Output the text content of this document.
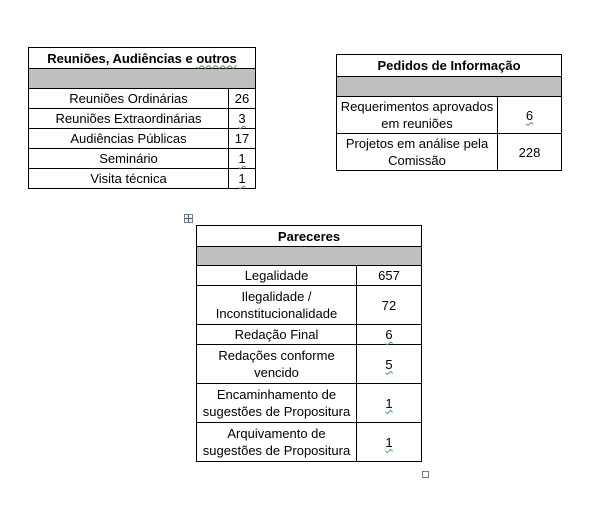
Reuniões, Audiências e outros	

Reuniões Ordinárias	26
Reuniões Extraordinárias	3
Audiências Públicas	17
Seminário	1
Visita técnica	1
Pedidos de Informação	

Requerimentos aprovados em reuniões	6
Projetos em análise pela Comissão	228
Pareceres	

Legalidade	657
Ilegalidade / Inconstitucionalidade	72
Redação Final	6
Redações conforme vencido	5
Encaminhamento de sugestões de Propositura	1
Arquivamento de sugestões de Propositura	1
